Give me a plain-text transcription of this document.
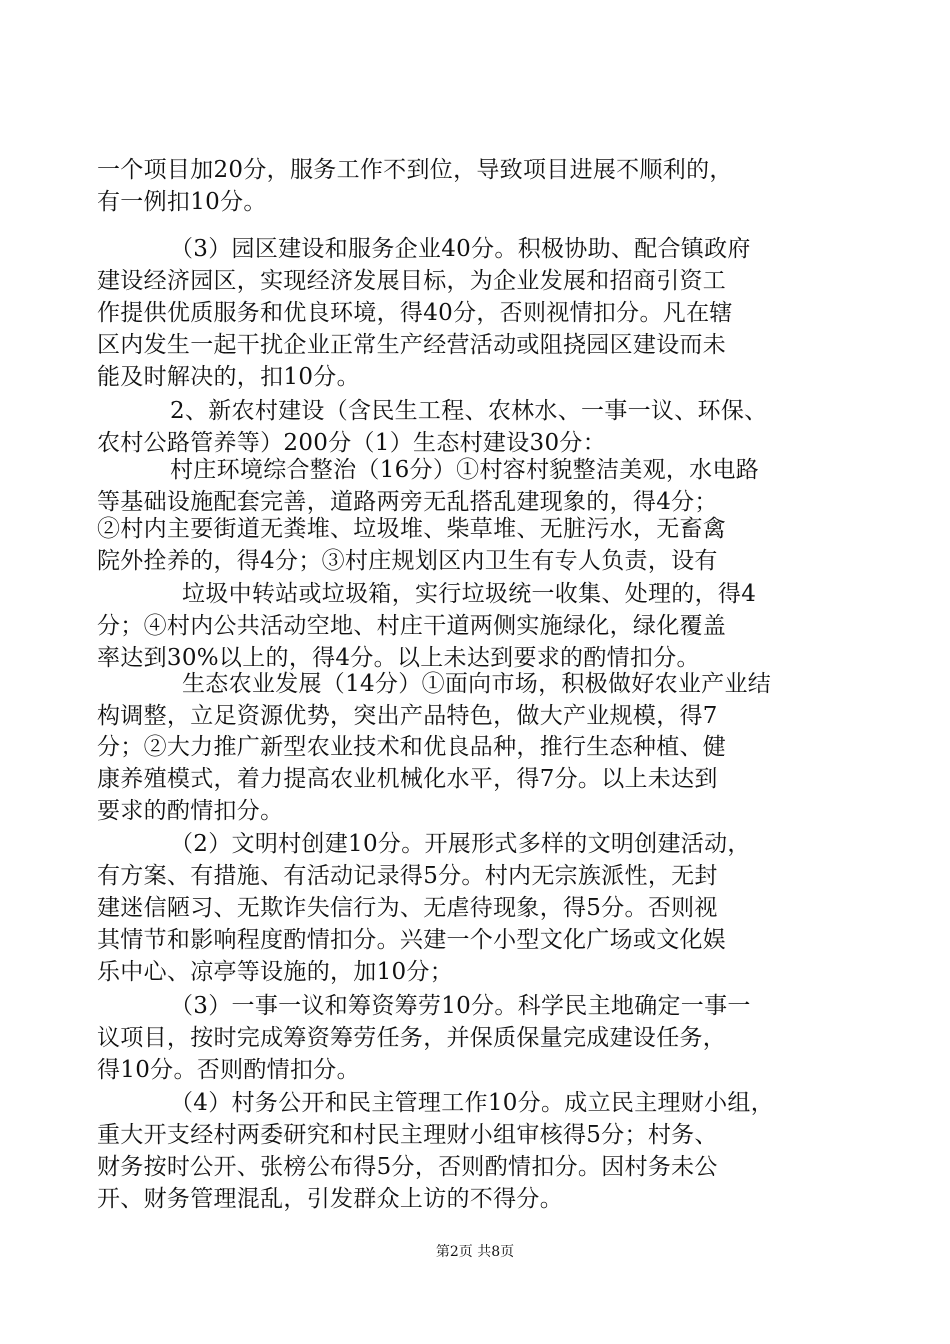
一个项目加20分，服务工作不到位，导致项目进展不顺利的，
有一例扣10分。
（3）园区建设和服务企业40分。积极协助、配合镇政府
建设经济园区，实现经济发展目标，为企业发展和招商引资工
作提供优质服务和优良环境，得40分，否则视情扣分。凡在辖
区内发生一起干扰企业正常生产经营活动或阻挠园区建设而未
能及时解决的，扣10分。
2、新农村建设（含民生工程、农林水、一事一议、环保、
农村公路管养等）200分（1）生态村建设30分：
村庄环境综合整治（16分）①村容村貌整洁美观，水电路
等基础设施配套完善，道路两旁无乱搭乱建现象的，得4分；
②村内主要街道无粪堆、垃圾堆、柴草堆、无脏污水，无畜禽
院外拴养的，得4分；③村庄规划区内卫生有专人负责，设有
垃圾中转站或垃圾箱，实行垃圾统一收集、处理的，得4
分；④村内公共活动空地、村庄干道两侧实施绿化，绿化覆盖
率达到30%以上的，得4分。以上未达到要求的酌情扣分。
生态农业发展（14分）①面向市场，积极做好农业产业结
构调整，立足资源优势，突出产品特色，做大产业规模，得7
分；②大力推广新型农业技术和优良品种，推行生态种植、健
康养殖模式，着力提高农业机械化水平，得7分。以上未达到
要求的酌情扣分。
（2）文明村创建10分。开展形式多样的文明创建活动，
有方案、有措施、有活动记录得5分。村内无宗族派性，无封
建迷信陋习、无欺诈失信行为、无虐待现象，得5分。否则视
其情节和影响程度酌情扣分。兴建一个小型文化广场或文化娱
乐中心、凉亭等设施的，加10分；
（3）一事一议和筹资筹劳10分。科学民主地确定一事一
议项目，按时完成筹资筹劳任务，并保质保量完成建设任务，
得10分。否则酌情扣分。
（4）村务公开和民主管理工作10分。成立民主理财小组，
重大开支经村两委研究和村民主理财小组审核得5分；村务、
财务按时公开、张榜公布得5分，否则酌情扣分。因村务未公
开、财务管理混乱，引发群众上访的不得分。
第2页 共8页
